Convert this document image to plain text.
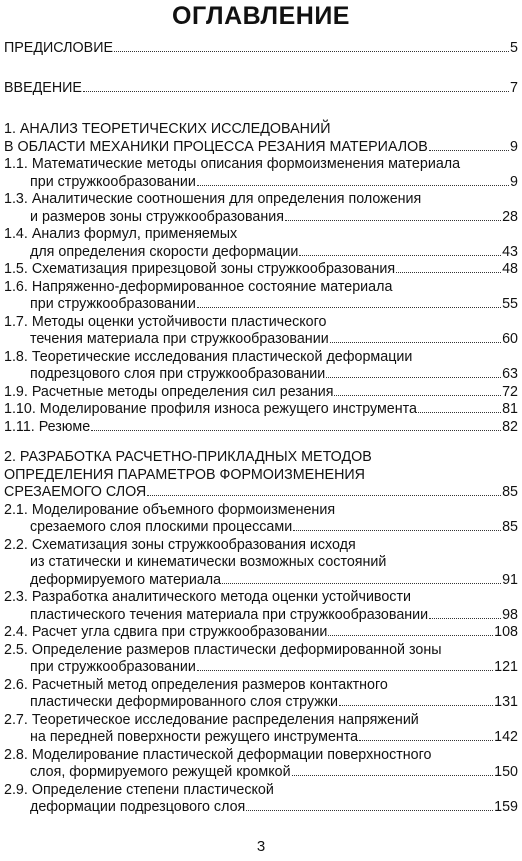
ОГЛАВЛЕНИЕ
ПРЕДИСЛОВИЕ	5
ВВЕДЕНИЕ	7
1. АНАЛИЗ ТЕОРЕТИЧЕСКИХ ИССЛЕДОВАНИЙ
В ОБЛАСТИ МЕХАНИКИ ПРОЦЕССА РЕЗАНИЯ МАТЕРИАЛОВ	9
1.1. Математические методы описания формоизменения материала
при стружкообразовании	9
1.3. Аналитические соотношения для определения положения
и размеров зоны стружкообразования	28
1.4. Анализ формул, применяемых
для определения скорости деформации	43
1.5. Схематизация прирезцовой зоны стружкообразования	48
1.6. Напряженно-деформированное состояние материала
при стружкообразовании	55
1.7. Методы оценки устойчивости пластического
течения материала при стружкообразовании	60
1.8. Теоретические исследования пластической деформации
подрезцового слоя при стружкообразовании	63
1.9. Расчетные методы определения сил резания	72
1.10. Моделирование профиля износа режущего инструмента	81
1.11. Резюме	82
2. РАЗРАБОТКА РАСЧЕТНО-ПРИКЛАДНЫХ МЕТОДОВ
ОПРЕДЕЛЕНИЯ ПАРАМЕТРОВ ФОРМОИЗМЕНЕНИЯ
СРЕЗАЕМОГО СЛОЯ	85
2.1. Моделирование объемного формоизменения
срезаемого слоя плоскими процессами	85
2.2. Схематизация зоны стружкообразования исходя
из статически и кинематически возможных состояний
деформируемого материала	91
2.3. Разработка аналитического метода оценки устойчивости
пластического течения материала при стружкообразовании	98
2.4. Расчет угла сдвига при стружкообразовании	108
2.5. Определение размеров пластически деформированной зоны
при стружкообразовании	121
2.6. Расчетный метод определения размеров контактного
пластически деформированного слоя стружки	131
2.7. Теоретическое исследование распределения напряжений
на передней поверхности режущего инструмента	142
2.8. Моделирование пластической деформации поверхностного
слоя, формируемого режущей кромкой	150
2.9. Определение степени пластической
деформации подрезцового слоя	159
3
